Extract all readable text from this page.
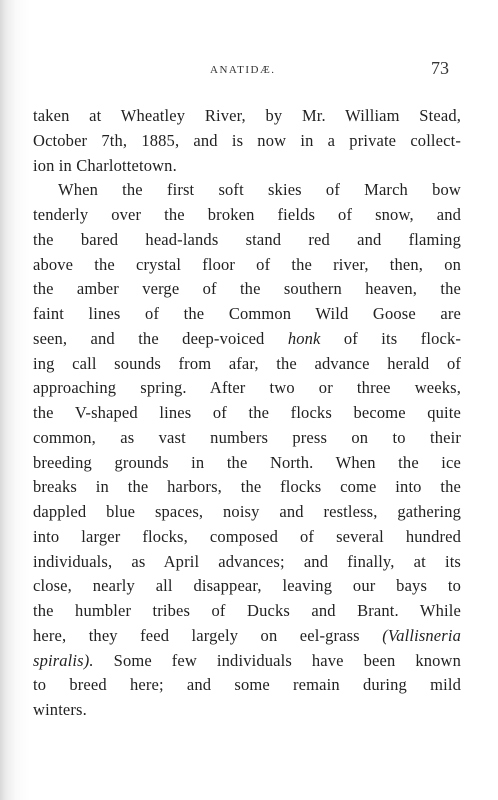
ANATIDÆ.	73
taken at Wheatley River, by Mr. William Stead,
October 7th, 1885, and is now in a private collect-
ion in Charlottetown.
When the first soft skies of March bow
tenderly over the broken fields of snow, and
the bared head-lands stand red and flaming
above the crystal floor of the river, then, on
the amber verge of the southern heaven, the
faint lines of the Common Wild Goose are
seen, and the deep-voiced honk of its flock-
ing call sounds from afar, the advance herald of
approaching spring. After two or three weeks,
the V-shaped lines of the flocks become quite
common, as vast numbers press on to their
breeding grounds in the North. When the ice
breaks in the harbors, the flocks come into the
dappled blue spaces, noisy and restless, gathering
into larger flocks, composed of several hundred
individuals, as April advances; and finally, at its
close, nearly all disappear, leaving our bays to
the humbler tribes of Ducks and Brant. While
here, they feed largely on eel-grass (Vallisneria
spiralis). Some few individuals have been known
to breed here; and some remain during mild
winters.
